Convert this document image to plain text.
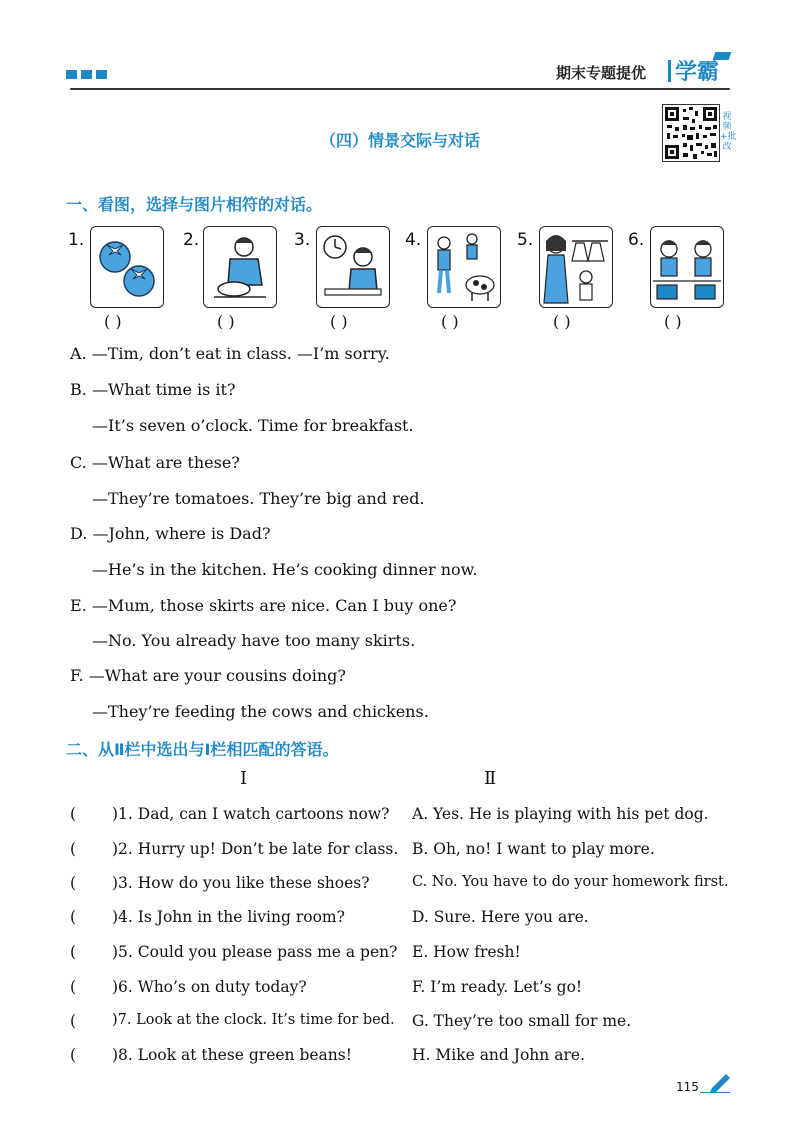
期末专题提优 学霸
视频+批改
（四）情景交际与对话
一、看图，选择与图片相符的对话。
1.
( )
2.
( )
3.
( )
4.
( )
5.
( )
6.
( )
A. —Tim, don’t eat in class. —I’m sorry.
B. —What time is it?
—It’s seven o’clock. Time for breakfast.
C. —What are these?
—They’re tomatoes. They’re big and red.
D. —John, where is Dad?
—He’s in the kitchen. He’s cooking dinner now.
E. —Mum, those skirts are nice. Can I buy one?
—No. You already have too many skirts.
F. —What are your cousins doing?
—They’re feeding the cows and chickens.
二、从Ⅱ栏中选出与Ⅰ栏相匹配的答语。
Ⅰ	Ⅱ
( )1. Dad, can I watch cartoons now? A. Yes. He is playing with his pet dog.
( )2. Hurry up! Don’t be late for class. B. Oh, no! I want to play more.
( )3. How do you like these shoes?	C. No. You have to do your homework first.
( )4. Is John in the living room?	D. Sure. Here you are.
( )5. Could you please pass me a pen? E. How fresh!
( )6. Who’s on duty today?	F. I’m ready. Let’s go!
( )7. Look at the clock. It’s time for bed. G. They’re too small for me.
( )8. Look at these green beans!	H. Mike and John are.
115
